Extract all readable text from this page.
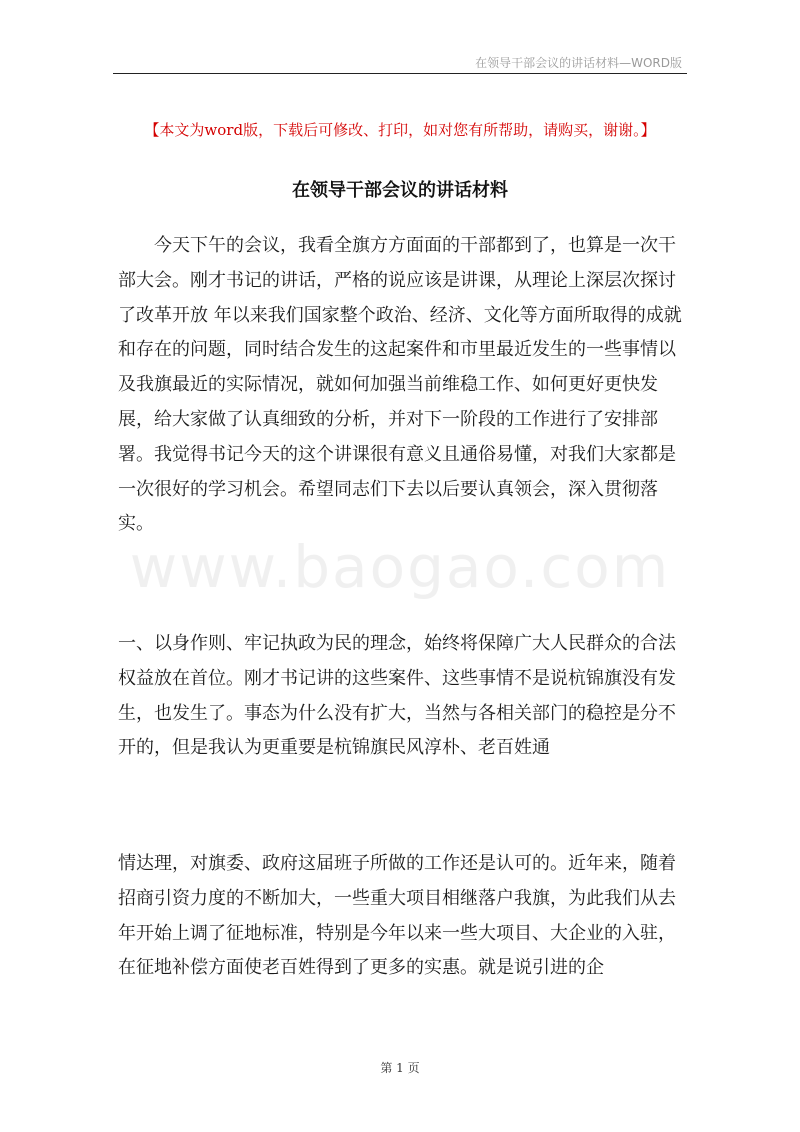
在领导干部会议的讲话材料—WORD版
【本文为word版，下载后可修改、打印，如对您有所帮助，请购买，谢谢。】
在领导干部会议的讲话材料
今天下午的会议，我看全旗方方面面的干部都到了，也算是一次干部大会。刚才书记的讲话，严格的说应该是讲课，从理论上深层次探讨了改革开放 年以来我们国家整个政治、经济、文化等方面所取得的成就和存在的问题，同时结合发生的这起案件和市里最近发生的一些事情以及我旗最近的实际情况，就如何加强当前维稳工作、如何更好更快发展，给大家做了认真细致的分析，并对下一阶段的工作进行了安排部署。我觉得书记今天的这个讲课很有意义且通俗易懂，对我们大家都是一次很好的学习机会。希望同志们下去以后要认真领会，深入贯彻落实。
一、以身作则、牢记执政为民的理念，始终将保障广大人民群众的合法权益放在首位。刚才书记讲的这些案件、这些事情不是说杭锦旗没有发生，也发生了。事态为什么没有扩大，当然与各相关部门的稳控是分不开的，但是我认为更重要是杭锦旗民风淳朴、老百姓通
情达理，对旗委、政府这届班子所做的工作还是认可的。近年来，随着招商引资力度的不断加大，一些重大项目相继落户我旗，为此我们从去年开始上调了征地标准，特别是今年以来一些大项目、大企业的入驻，在征地补偿方面使老百姓得到了更多的实惠。就是说引进的企
www.baogao.com
第 1 页
